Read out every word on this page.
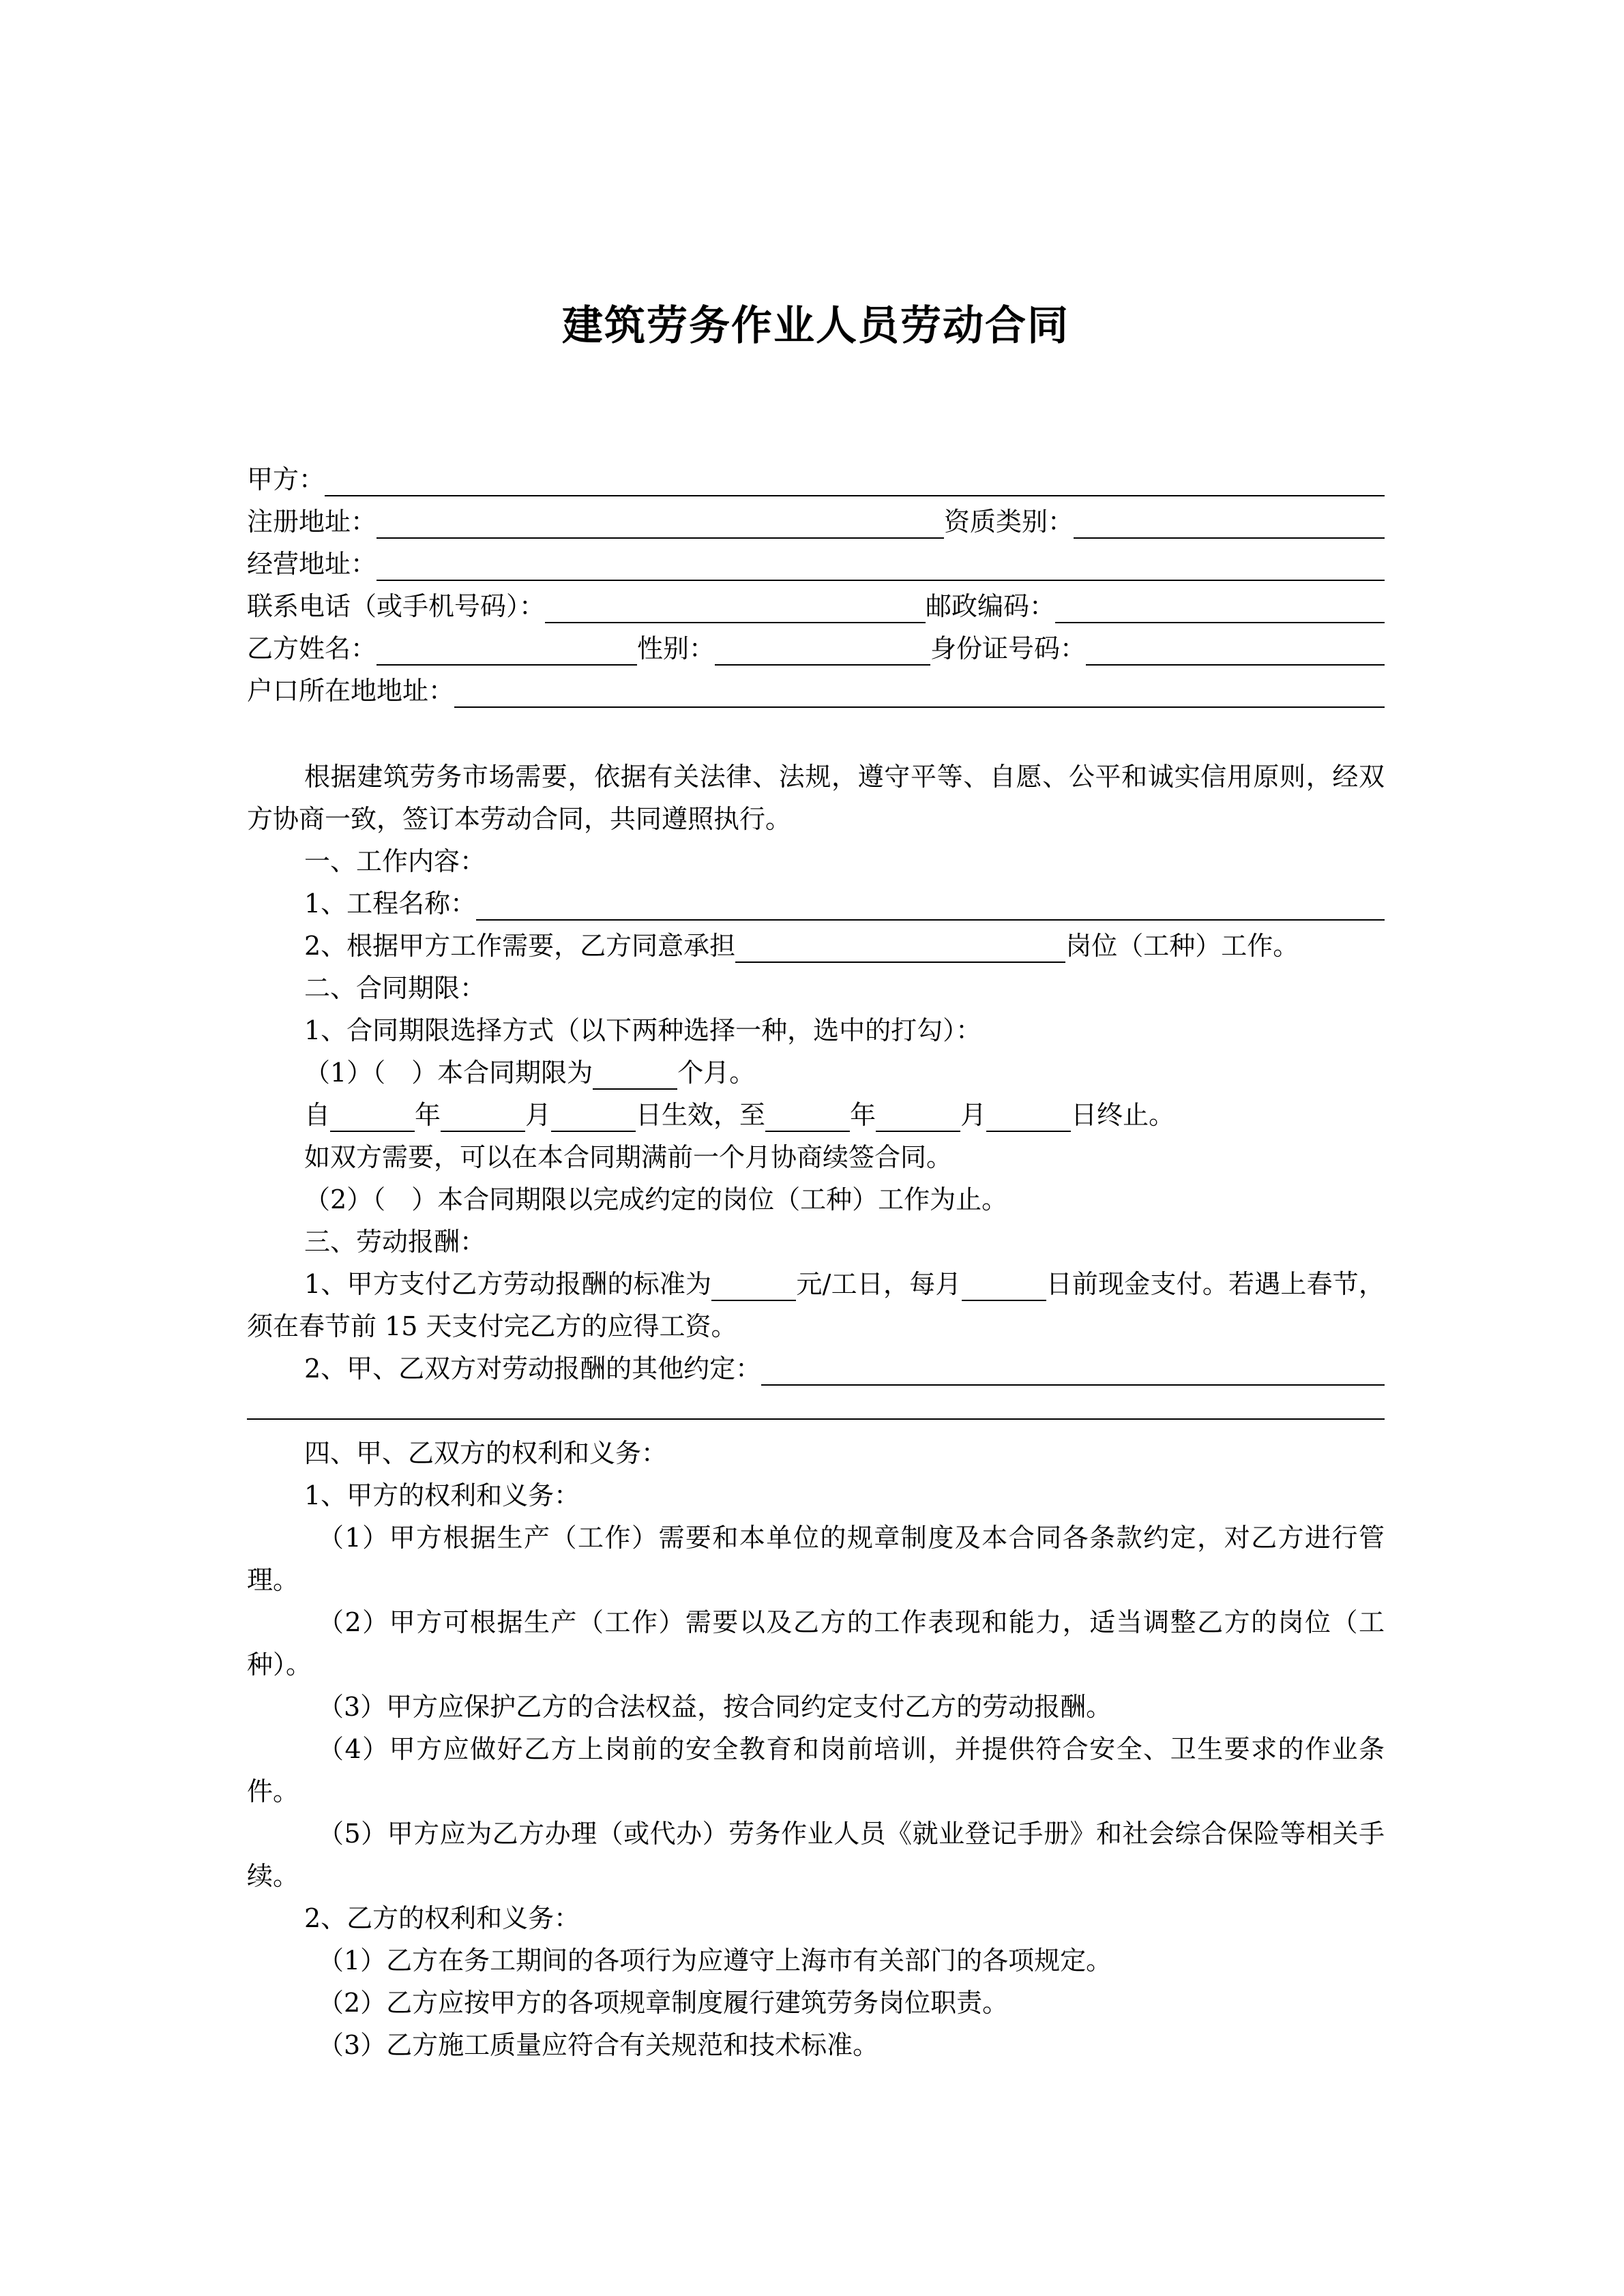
建筑劳务作业人员劳动合同
甲方：
注册地址：	资质类别：
经营地址：
联系电话（或手机号码）：	邮政编码：
乙方姓名：	性别：	身份证号码：
户口所在地地址：
根据建筑劳务市场需要，依据有关法律、法规，遵守平等、自愿、公平和诚实信用原则，经双方协商一致，签订本劳动合同，共同遵照执行。
一、工作内容：
1、工程名称：
2、根据甲方工作需要，乙方同意承担	岗位（工种）工作。
二、合同期限：
1、合同期限选择方式（以下两种选择一种，选中的打勾）：
（1）（　）本合同期限为	个月。
自	年	月	日生效，至	年	月	日终止。
如双方需要，可以在本合同期满前一个月协商续签合同。
（2）（　）本合同期限以完成约定的岗位（工种）工作为止。
三、劳动报酬：
1、甲方支付乙方劳动报酬的标准为	元/工日，每月	日前现金支付。若遇上春节，须在春节前 15 天支付完乙方的应得工资。
2、甲、乙双方对劳动报酬的其他约定：
四、甲、乙双方的权利和义务：
1、甲方的权利和义务：
（1）甲方根据生产（工作）需要和本单位的规章制度及本合同各条款约定，对乙方进行管理。
（2）甲方可根据生产（工作）需要以及乙方的工作表现和能力，适当调整乙方的岗位（工种）。
（3）甲方应保护乙方的合法权益，按合同约定支付乙方的劳动报酬。
（4）甲方应做好乙方上岗前的安全教育和岗前培训，并提供符合安全、卫生要求的作业条件。
（5）甲方应为乙方办理（或代办）劳务作业人员《就业登记手册》和社会综合保险等相关手续。
2、乙方的权利和义务：
（1）乙方在务工期间的各项行为应遵守上海市有关部门的各项规定。
（2）乙方应按甲方的各项规章制度履行建筑劳务岗位职责。
（3）乙方施工质量应符合有关规范和技术标准。
